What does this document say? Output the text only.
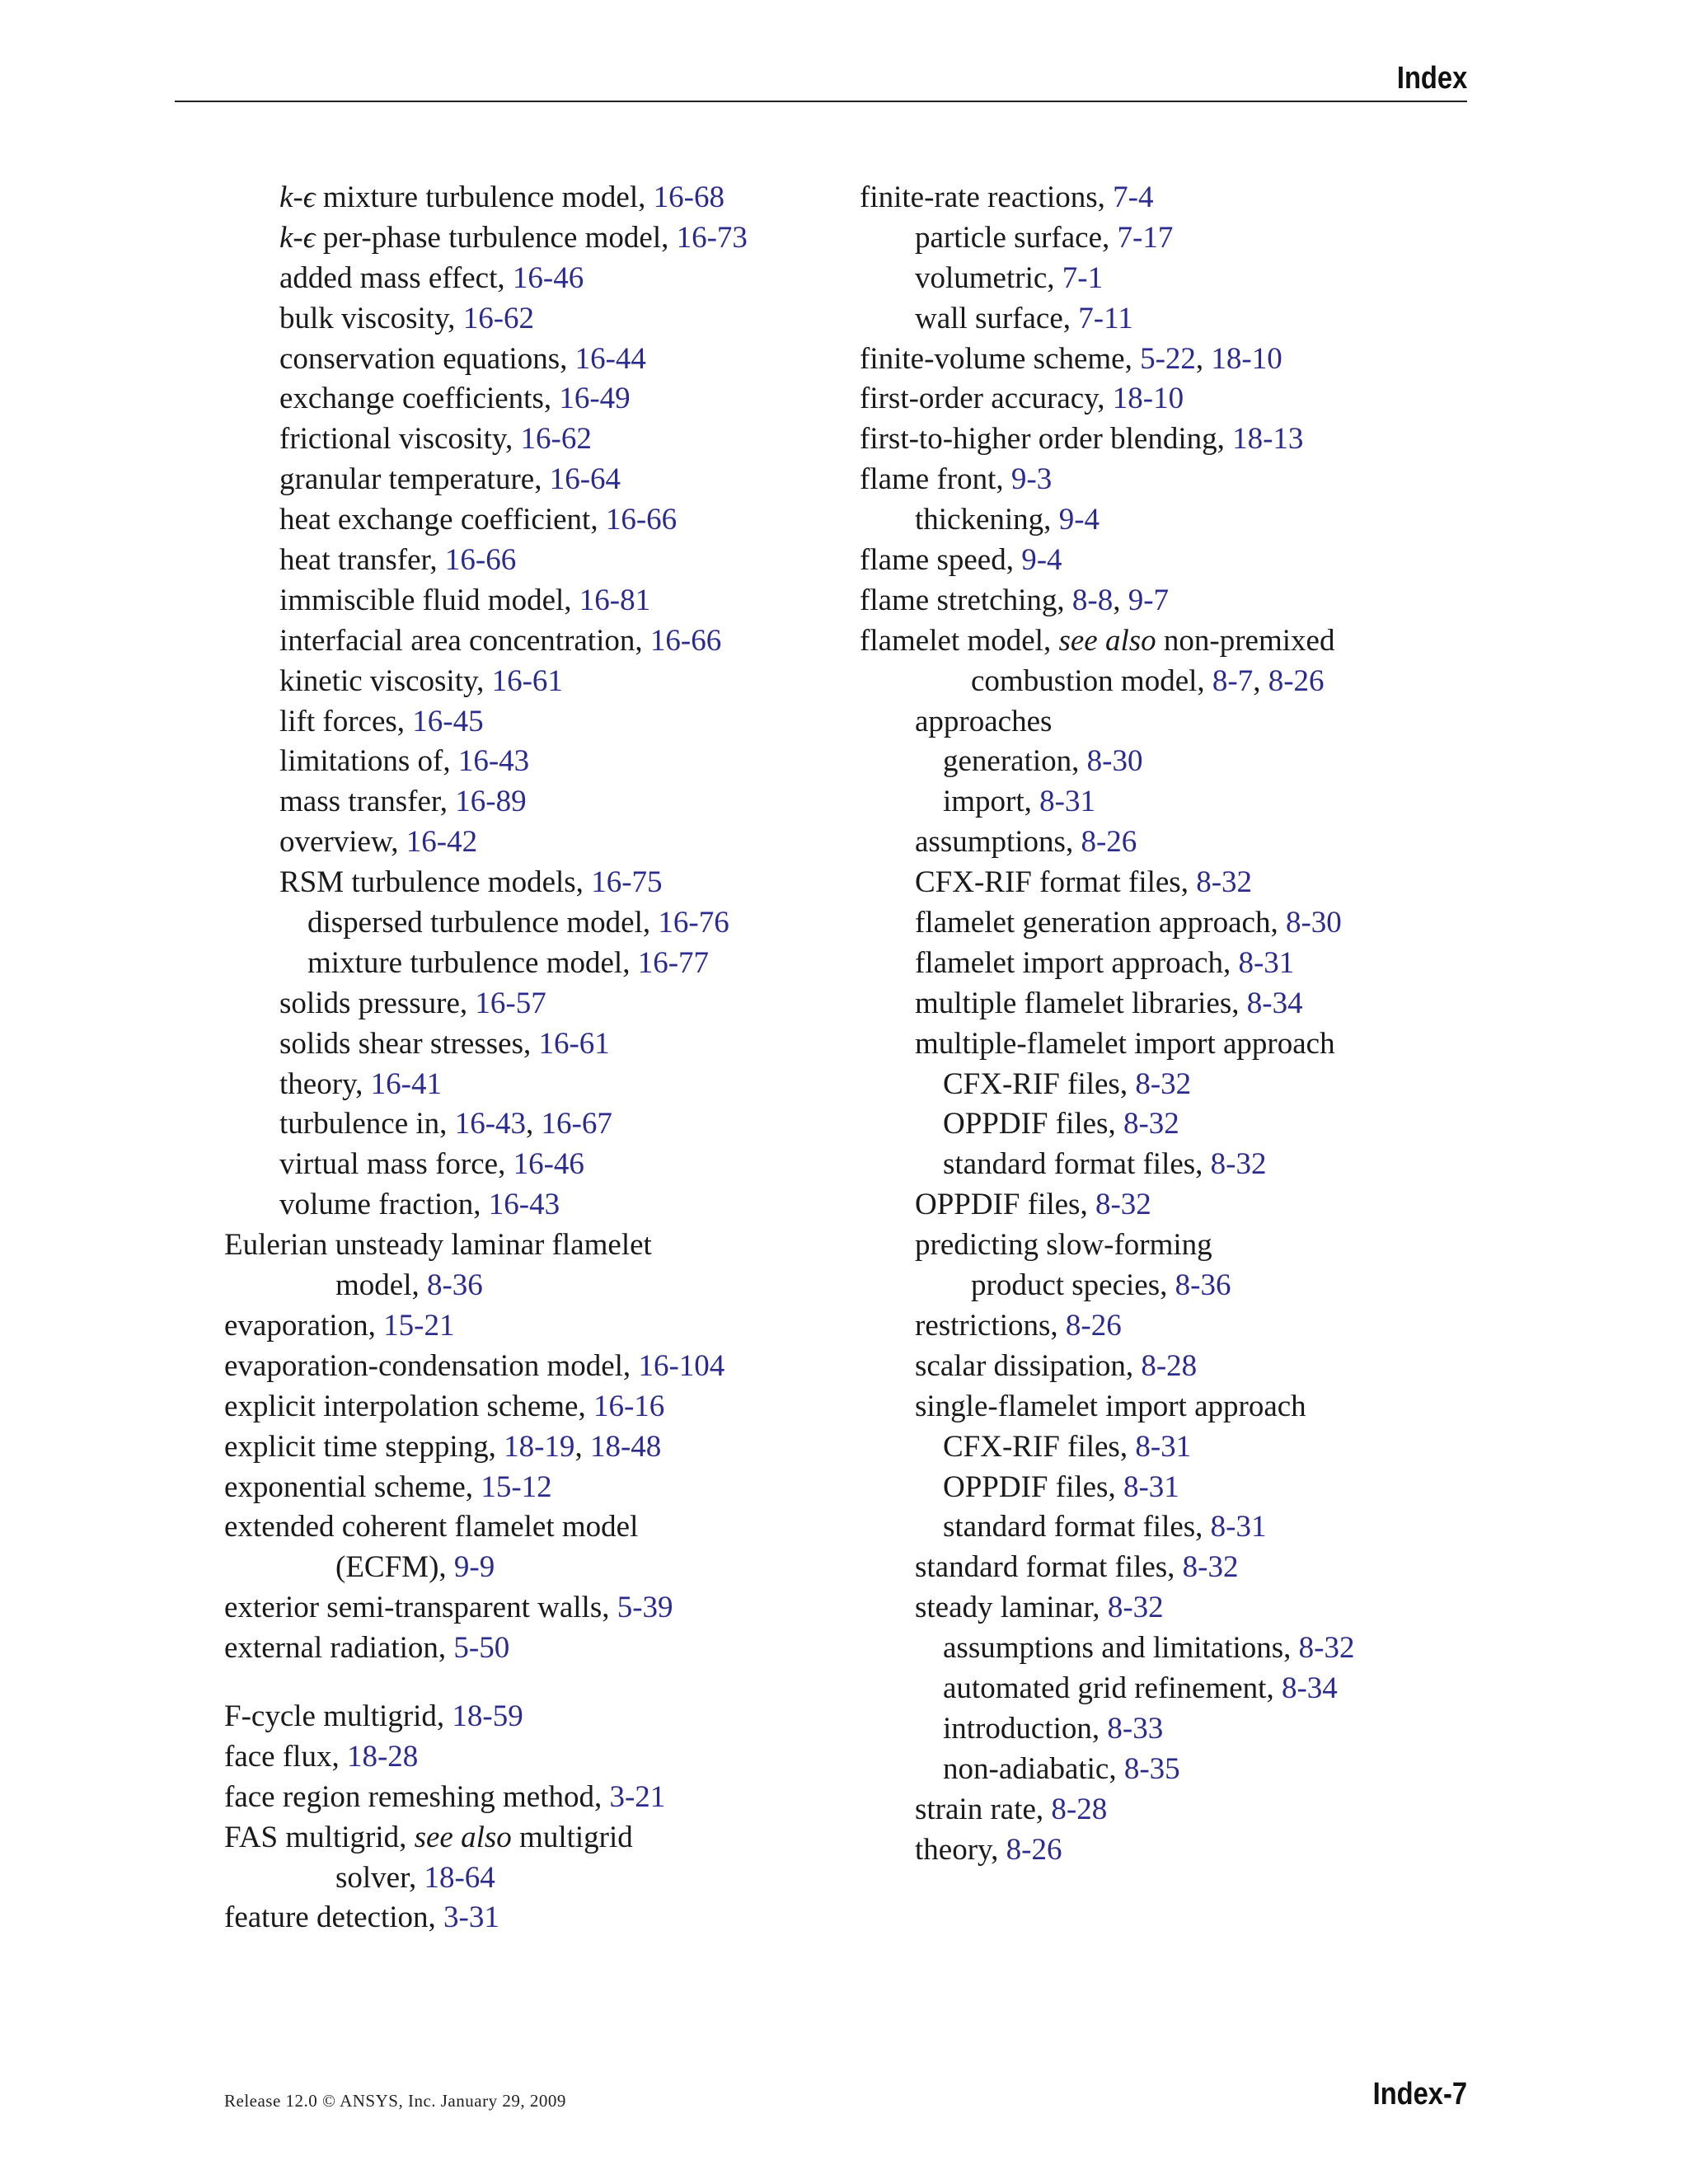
Index
k-ϵ mixture turbulence model, 16-68
k-ϵ per-phase turbulence model, 16-73
added mass effect, 16-46
bulk viscosity, 16-62
conservation equations, 16-44
exchange coefficients, 16-49
frictional viscosity, 16-62
granular temperature, 16-64
heat exchange coefficient, 16-66
heat transfer, 16-66
immiscible fluid model, 16-81
interfacial area concentration, 16-66
kinetic viscosity, 16-61
lift forces, 16-45
limitations of, 16-43
mass transfer, 16-89
overview, 16-42
RSM turbulence models, 16-75
dispersed turbulence model, 16-76
mixture turbulence model, 16-77
solids pressure, 16-57
solids shear stresses, 16-61
theory, 16-41
turbulence in, 16-43, 16-67
virtual mass force, 16-46
volume fraction, 16-43
Eulerian unsteady laminar flamelet
model, 8-36
evaporation, 15-21
evaporation-condensation model, 16-104
explicit interpolation scheme, 16-16
explicit time stepping, 18-19, 18-48
exponential scheme, 15-12
extended coherent flamelet model
(ECFM), 9-9
exterior semi-transparent walls, 5-39
external radiation, 5-50
F-cycle multigrid, 18-59
face flux, 18-28
face region remeshing method, 3-21
FAS multigrid, see also multigrid
solver, 18-64
feature detection, 3-31
finite-rate reactions, 7-4
particle surface, 7-17
volumetric, 7-1
wall surface, 7-11
finite-volume scheme, 5-22, 18-10
first-order accuracy, 18-10
first-to-higher order blending, 18-13
flame front, 9-3
thickening, 9-4
flame speed, 9-4
flame stretching, 8-8, 9-7
flamelet model, see also non-premixed
combustion model, 8-7, 8-26
approaches
generation, 8-30
import, 8-31
assumptions, 8-26
CFX-RIF format files, 8-32
flamelet generation approach, 8-30
flamelet import approach, 8-31
multiple flamelet libraries, 8-34
multiple-flamelet import approach
CFX-RIF files, 8-32
OPPDIF files, 8-32
standard format files, 8-32
OPPDIF files, 8-32
predicting slow-forming
product species, 8-36
restrictions, 8-26
scalar dissipation, 8-28
single-flamelet import approach
CFX-RIF files, 8-31
OPPDIF files, 8-31
standard format files, 8-31
standard format files, 8-32
steady laminar, 8-32
assumptions and limitations, 8-32
automated grid refinement, 8-34
introduction, 8-33
non-adiabatic, 8-35
strain rate, 8-28
theory, 8-26
Release 12.0 © ANSYS, Inc. January 29, 2009	Index-7
